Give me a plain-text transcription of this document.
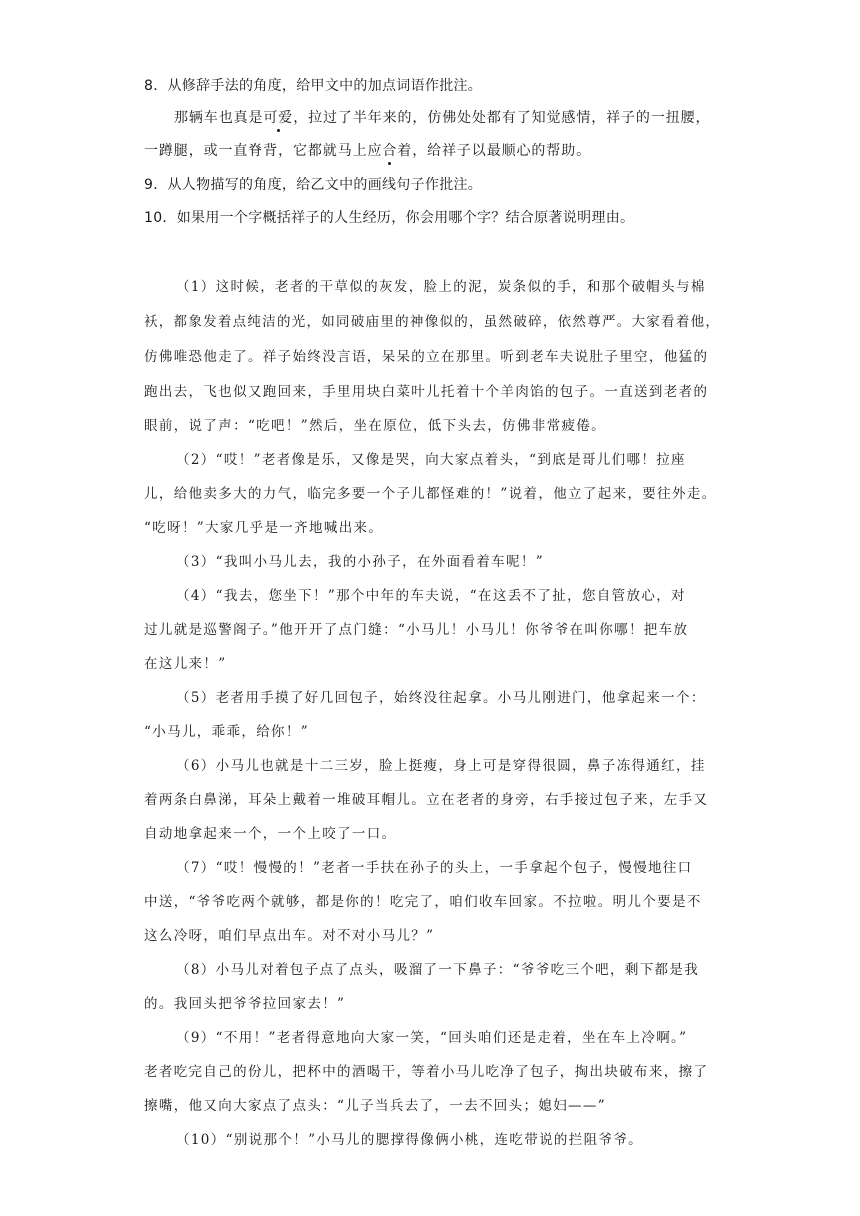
8．从修辞手法的角度，给甲文中的加点词语作批注。
那辆车也真是可爱，拉过了半年来的，仿佛处处都有了知觉感情，祥子的一扭腰，
一蹲腿，或一直脊背，它都就马上应合着，给祥子以最顺心的帮助。
9．从人物描写的角度，给乙文中的画线句子作批注。
10．如果用一个字概括祥子的人生经历，你会用哪个字？结合原著说明理由。
（1）这时候，老者的干草似的灰发，脸上的泥，炭条似的手，和那个破帽头与棉
袄，都象发着点纯洁的光，如同破庙里的神像似的，虽然破碎，依然尊严。大家看着他，
仿佛唯恐他走了。祥子始终没言语，呆呆的立在那里。听到老车夫说肚子里空，他猛的
跑出去，飞也似又跑回来，手里用块白菜叶儿托着十个羊肉馅的包子。一直送到老者的
眼前，说了声：“吃吧！”然后，坐在原位，低下头去，仿佛非常疲倦。
（2）“哎！”老者像是乐，又像是哭，向大家点着头，“到底是哥儿们哪！拉座
儿，给他卖多大的力气，临完多要一个子儿都怪难的！”说着，他立了起来，要往外走。
“吃呀！”大家几乎是一齐地喊出来。
（3）“我叫小马儿去，我的小孙子，在外面看着车呢！”
（4）“我去，您坐下！”那个中年的车夫说，“在这丢不了扯，您自管放心，对
过儿就是巡警阁子。”他开开了点门缝：“小马儿！小马儿！你爷爷在叫你哪！把车放
在这儿来！”
（5）老者用手摸了好几回包子，始终没往起拿。小马儿刚进门，他拿起来一个：
“小马儿，乖乖，给你！”
（6）小马儿也就是十二三岁，脸上挺瘦，身上可是穿得很圆，鼻子冻得通红，挂
着两条白鼻涕，耳朵上戴着一堆破耳帽儿。立在老者的身旁，右手接过包子来，左手又
自动地拿起来一个，一个上咬了一口。
（7）“哎！慢慢的！”老者一手扶在孙子的头上，一手拿起个包子，慢慢地往口
中送，“爷爷吃两个就够，都是你的！吃完了，咱们收车回家。不拉啦。明儿个要是不
这么冷呀，咱们早点出车。对不对小马儿？”
（8）小马儿对着包子点了点头，吸溜了一下鼻子：“爷爷吃三个吧，剩下都是我
的。我回头把爷爷拉回家去！”
（9）“不用！”老者得意地向大家一笑，“回头咱们还是走着，坐在车上冷啊。”
老者吃完自己的份儿，把杯中的酒喝干，等着小马儿吃净了包子，掏出块破布来，擦了
擦嘴，他又向大家点了点头：“儿子当兵去了，一去不回头；媳妇——”
（10）“别说那个！”小马儿的腮撑得像俩小桃，连吃带说的拦阻爷爷。
